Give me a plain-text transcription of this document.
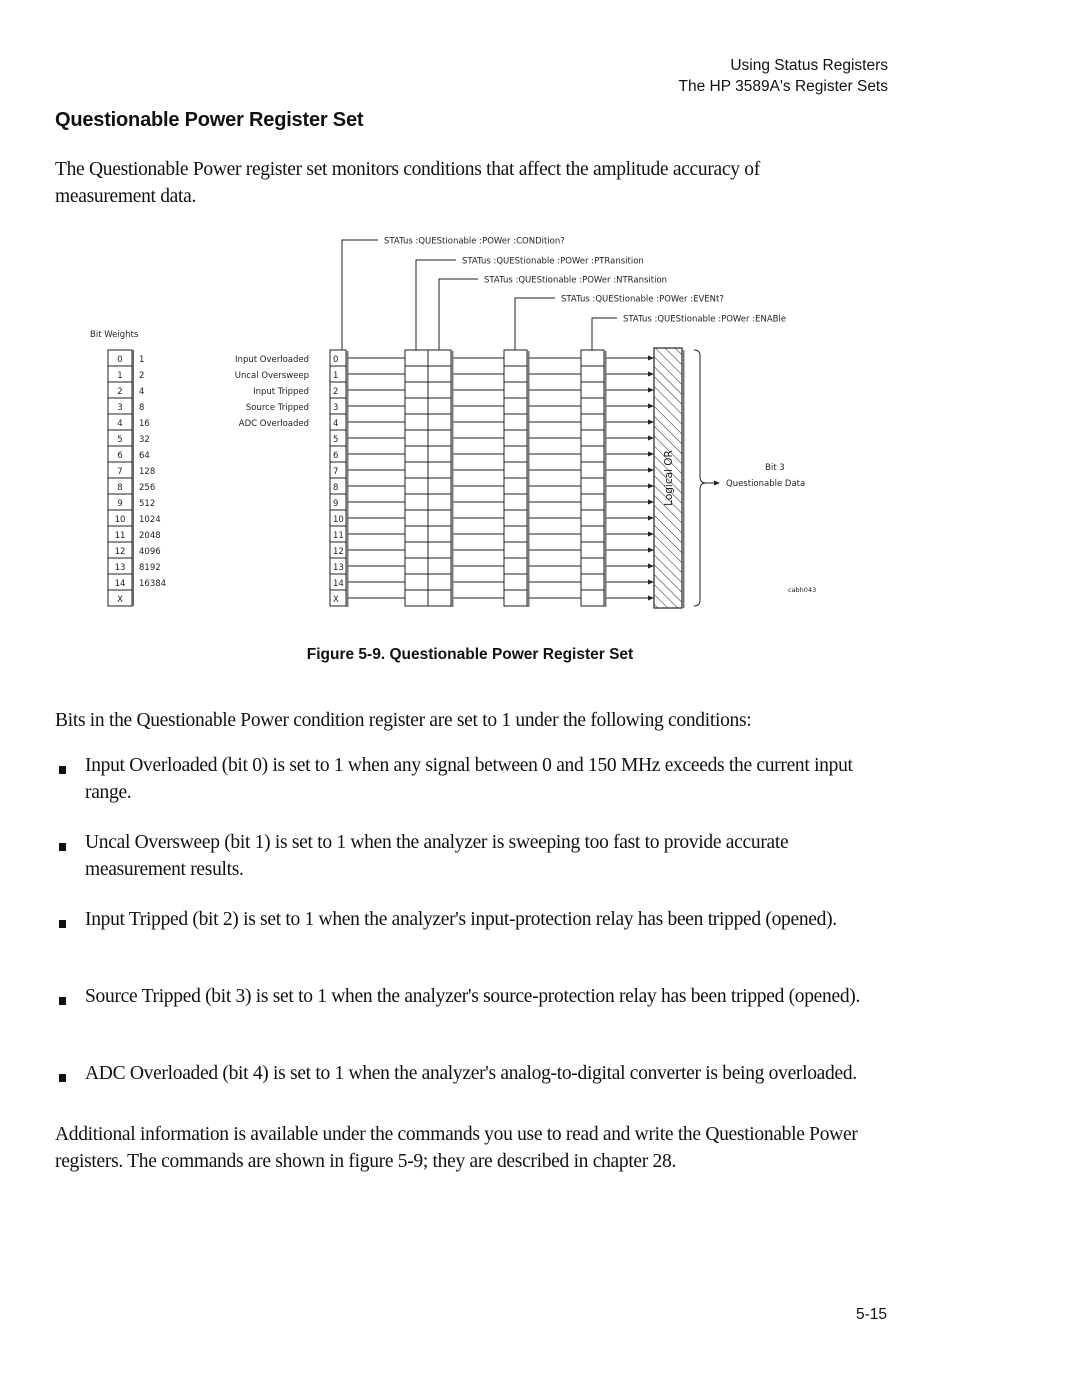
Using Status Registers
The HP 3589A's Register Sets
Questionable Power Register Set
The Questionable Power register set monitors conditions that affect the amplitude accuracy of measurement data.
STATus :QUEStionable :POWer :CONDition?
STATus :QUEStionable :POWer :PTRansition
STATus :QUEStionable :POWer :NTRansition
STATus :QUEStionable :POWer :EVENt?
STATus :QUEStionable :POWer :ENABle
Bit Weights
0 1	Input Overloaded
1 2	Uncal Oversweep
2 4	Input Tripped
3 8	Source Tripped
4 16	ADC Overloaded
5 32
6 64
7 128
8 256
9 512
10 1024
11 2048
12 4096
13 8192
14 16384
X
0
1
2
3
4
5
6
7
8
9
10
11
12
13
14
X
Logical OR	Bit 3
Questionable Data
cabh043
Figure 5-9. Questionable Power Register Set
Bits in the Questionable Power condition register are set to 1 under the following conditions:
Input Overloaded (bit 0) is set to 1 when any signal between 0 and 150 MHz exceeds the current input range.
Uncal Oversweep (bit 1) is set to 1 when the analyzer is sweeping too fast to provide accurate measurement results.
Input Tripped (bit 2) is set to 1 when the analyzer's input-protection relay has been tripped (opened).
Source Tripped (bit 3) is set to 1 when the analyzer's source-protection relay has been tripped (opened).
ADC Overloaded (bit 4) is set to 1 when the analyzer's analog-to-digital converter is being overloaded.
Additional information is available under the commands you use to read and write the Questionable Power registers. The commands are shown in figure 5-9; they are described in chapter 28.
5-15
